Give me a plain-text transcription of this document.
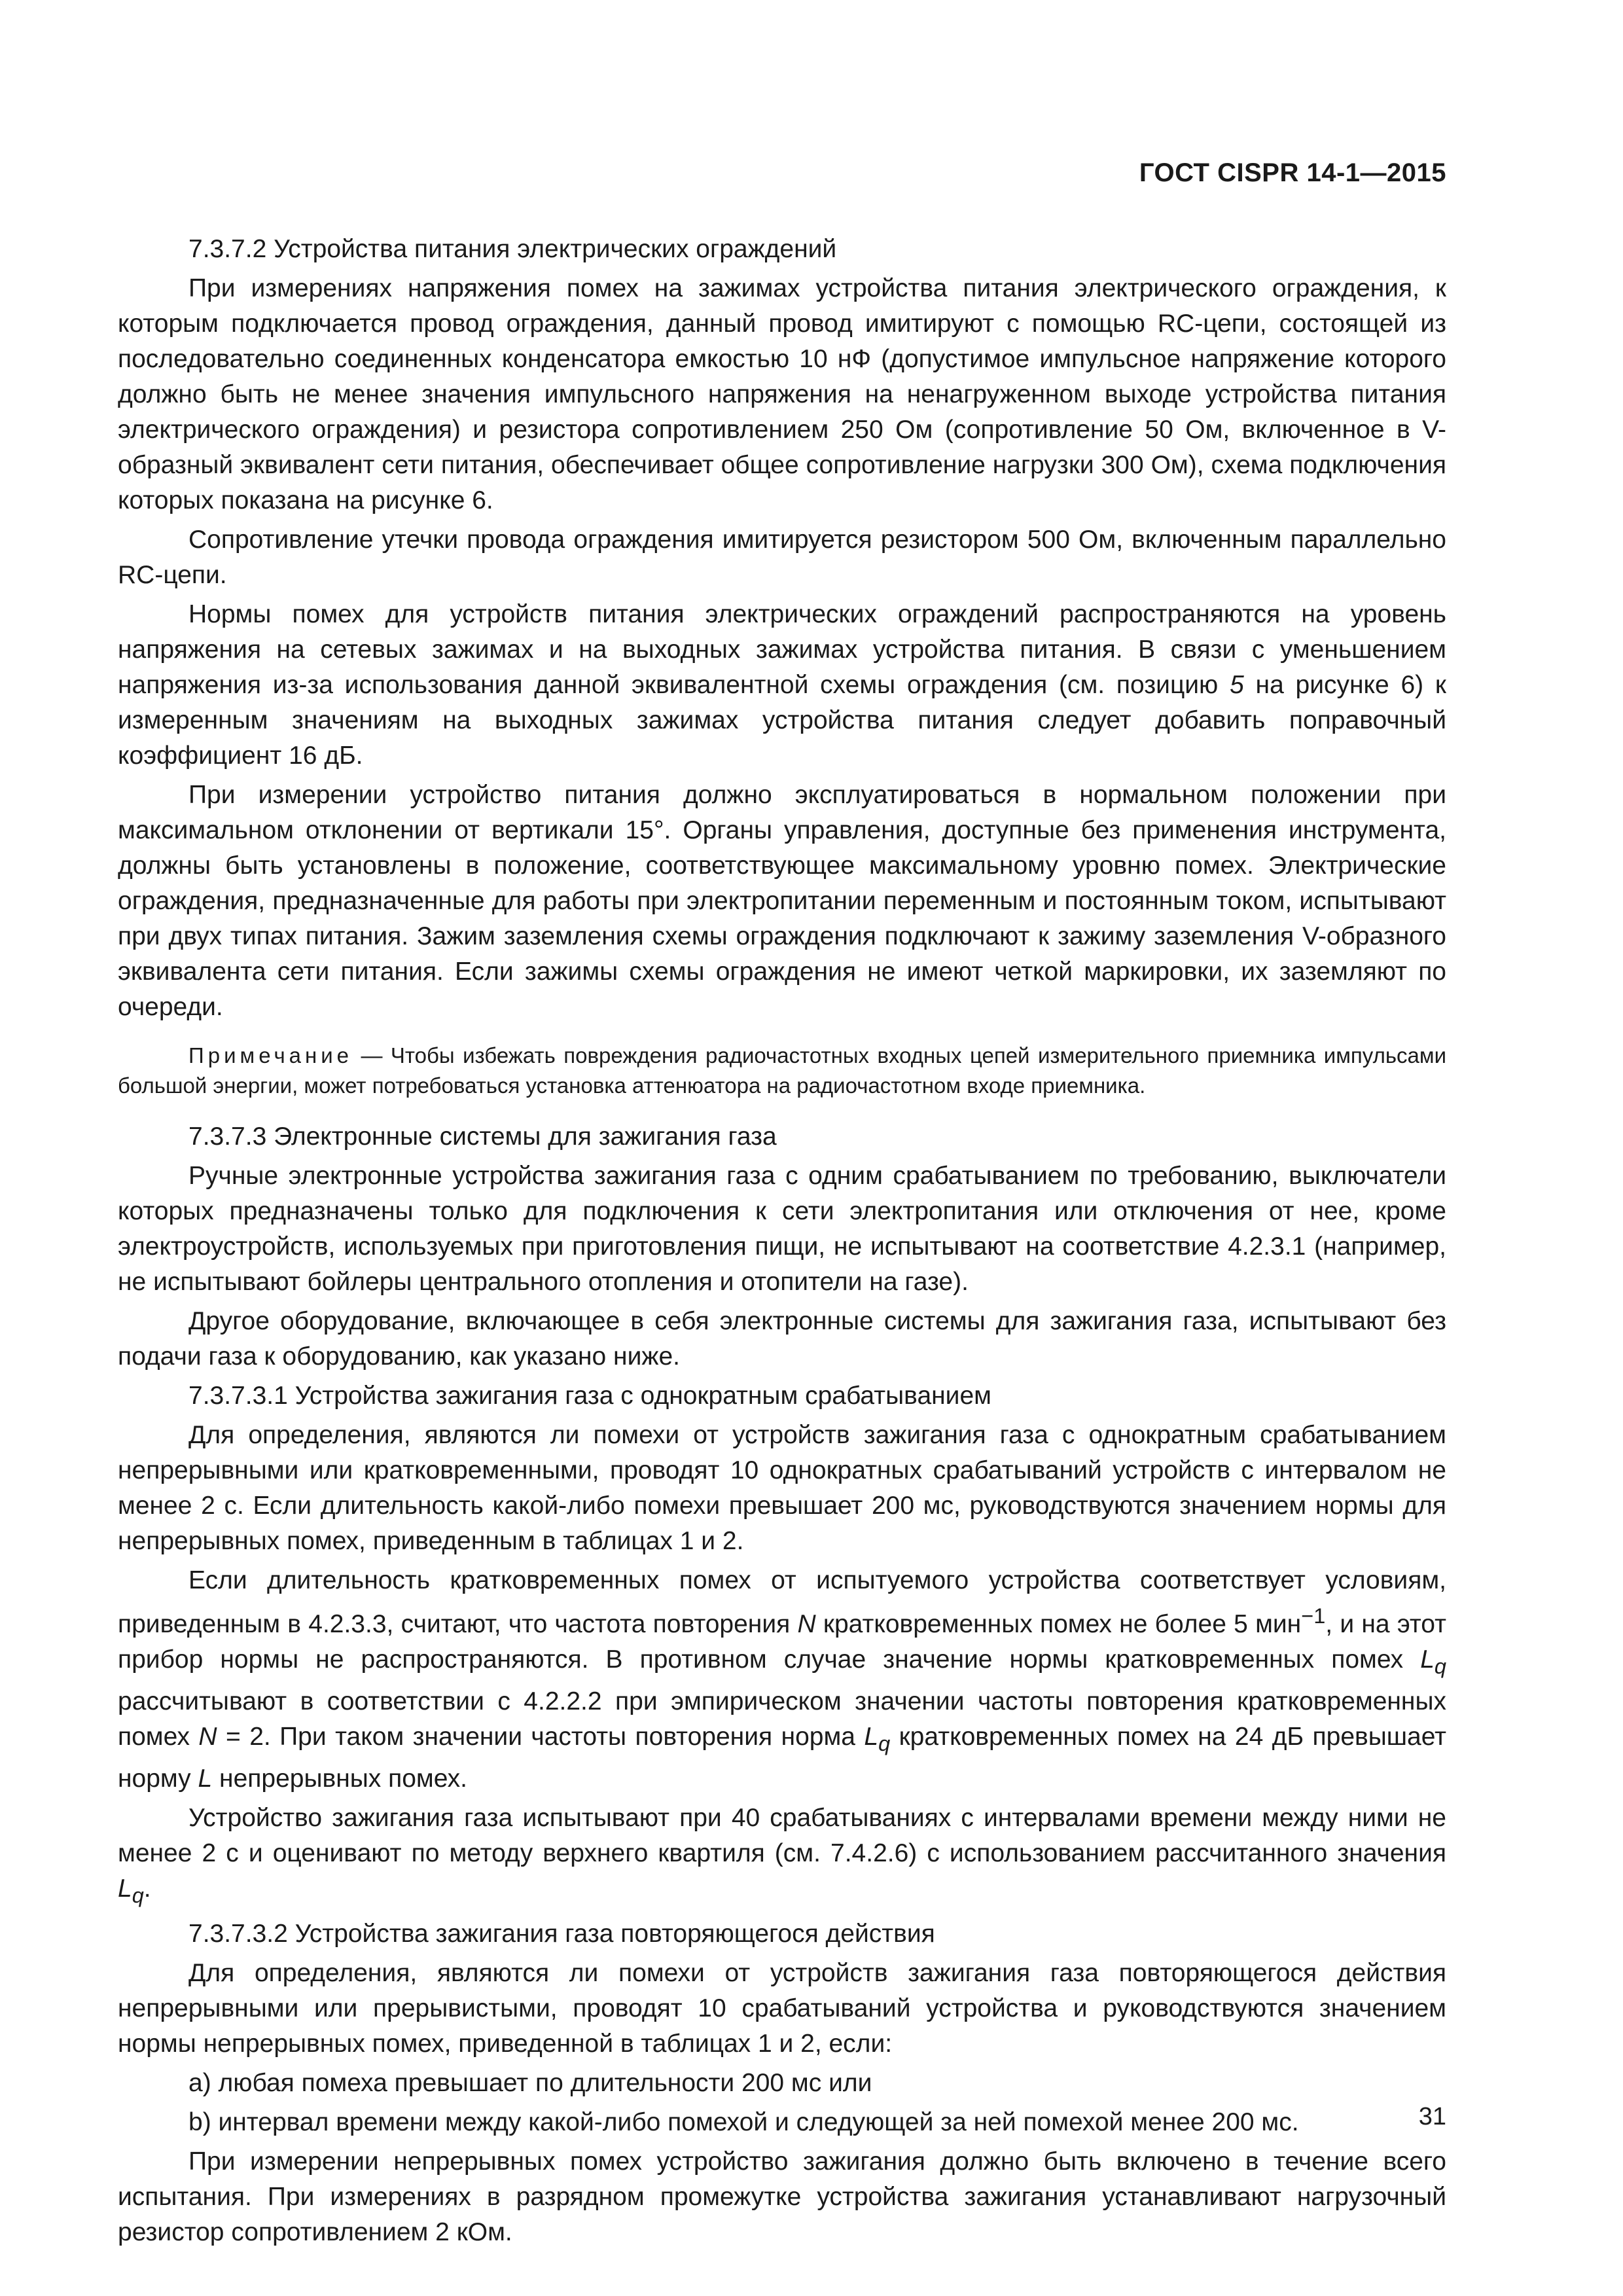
ГОСТ CISPR 14-1—2015

7.3.7.2 Устройства питания электрических ограждений

При измерениях напряжения помех на зажимах устройства питания электрического ограждения, к которым подключается провод ограждения, данный провод имитируют с помощью RC-цепи, состоящей из последовательно соединенных конденсатора емкостью 10 нФ (допустимое импульсное напряжение которого должно быть не менее значения импульсного напряжения на ненагруженном выходе устройства питания электрического ограждения) и резистора сопротивлением 250 Ом (сопротивление 50 Ом, включенное в V-образный эквивалент сети питания, обеспечивает общее сопротивление нагрузки 300 Ом), схема подключения которых показана на рисунке 6.

Сопротивление утечки провода ограждения имитируется резистором 500 Ом, включенным параллельно RC-цепи.

Нормы помех для устройств питания электрических ограждений распространяются на уровень напряжения на сетевых зажимах и на выходных зажимах устройства питания. В связи с уменьшением напряжения из-за использования данной эквивалентной схемы ограждения (см. позицию 5 на рисунке 6) к измеренным значениям на выходных зажимах устройства питания следует добавить поправочный коэффициент 16 дБ.

При измерении устройство питания должно эксплуатироваться в нормальном положении при максимальном отклонении от вертикали 15°. Органы управления, доступные без применения инструмента, должны быть установлены в положение, соответствующее максимальному уровню помех. Электрические ограждения, предназначенные для работы при электропитании переменным и постоянным током, испытывают при двух типах питания. Зажим заземления схемы ограждения подключают к зажиму заземления V-образного эквивалента сети питания. Если зажимы схемы ограждения не имеют четкой маркировки, их заземляют по очереди.

Примечание — Чтобы избежать повреждения радиочастотных входных цепей измерительного приемника импульсами большой энергии, может потребоваться установка аттенюатора на радиочастотном входе приемника.

7.3.7.3 Электронные системы для зажигания газа

Ручные электронные устройства зажигания газа с одним срабатыванием по требованию, выключатели которых предназначены только для подключения к сети электропитания или отключения от нее, кроме электроустройств, используемых при приготовления пищи, не испытывают на соответствие 4.2.3.1 (например, не испытывают бойлеры центрального отопления и отопители на газе).

Другое оборудование, включающее в себя электронные системы для зажигания газа, испытывают без подачи газа к оборудованию, как указано ниже.

7.3.7.3.1 Устройства зажигания газа с однократным срабатыванием

Для определения, являются ли помехи от устройств зажигания газа с однократным срабатыванием непрерывными или кратковременными, проводят 10 однократных срабатываний устройств с интервалом не менее 2 с. Если длительность какой-либо помехи превышает 200 мс, руководствуются значением нормы для непрерывных помех, приведенным в таблицах 1 и 2.

Если длительность кратковременных помех от испытуемого устройства соответствует условиям, приведенным в 4.2.3.3, считают, что частота повторения N кратковременных помех не более 5 мин$^{-1}$, и на этот прибор нормы не распространяются. В противном случае значение нормы кратковременных помех $L_q$ рассчитывают в соответствии с 4.2.2.2 при эмпирическом значении частоты повторения кратковременных помех N = 2. При таком значении частоты повторения норма $L_q$ кратковременных помех на 24 дБ превышает норму L непрерывных помех.

Устройство зажигания газа испытывают при 40 срабатываниях с интервалами времени между ними не менее 2 с и оценивают по методу верхнего квартиля (см. 7.4.2.6) с использованием рассчитанного значения $L_q$.

7.3.7.3.2 Устройства зажигания газа повторяющегося действия

Для определения, являются ли помехи от устройств зажигания газа повторяющегося действия непрерывными или прерывистыми, проводят 10 срабатываний устройства и руководствуются значением нормы непрерывных помех, приведенной в таблицах 1 и 2, если:

a) любая помеха превышает по длительности 200 мс или

b) интервал времени между какой-либо помехой и следующей за ней помехой менее 200 мс.

При измерении непрерывных помех устройство зажигания должно быть включено в течение всего испытания. При измерениях в разрядном промежутке устройства зажигания устанавливают нагрузочный резистор сопротивлением 2 кОм.

31
